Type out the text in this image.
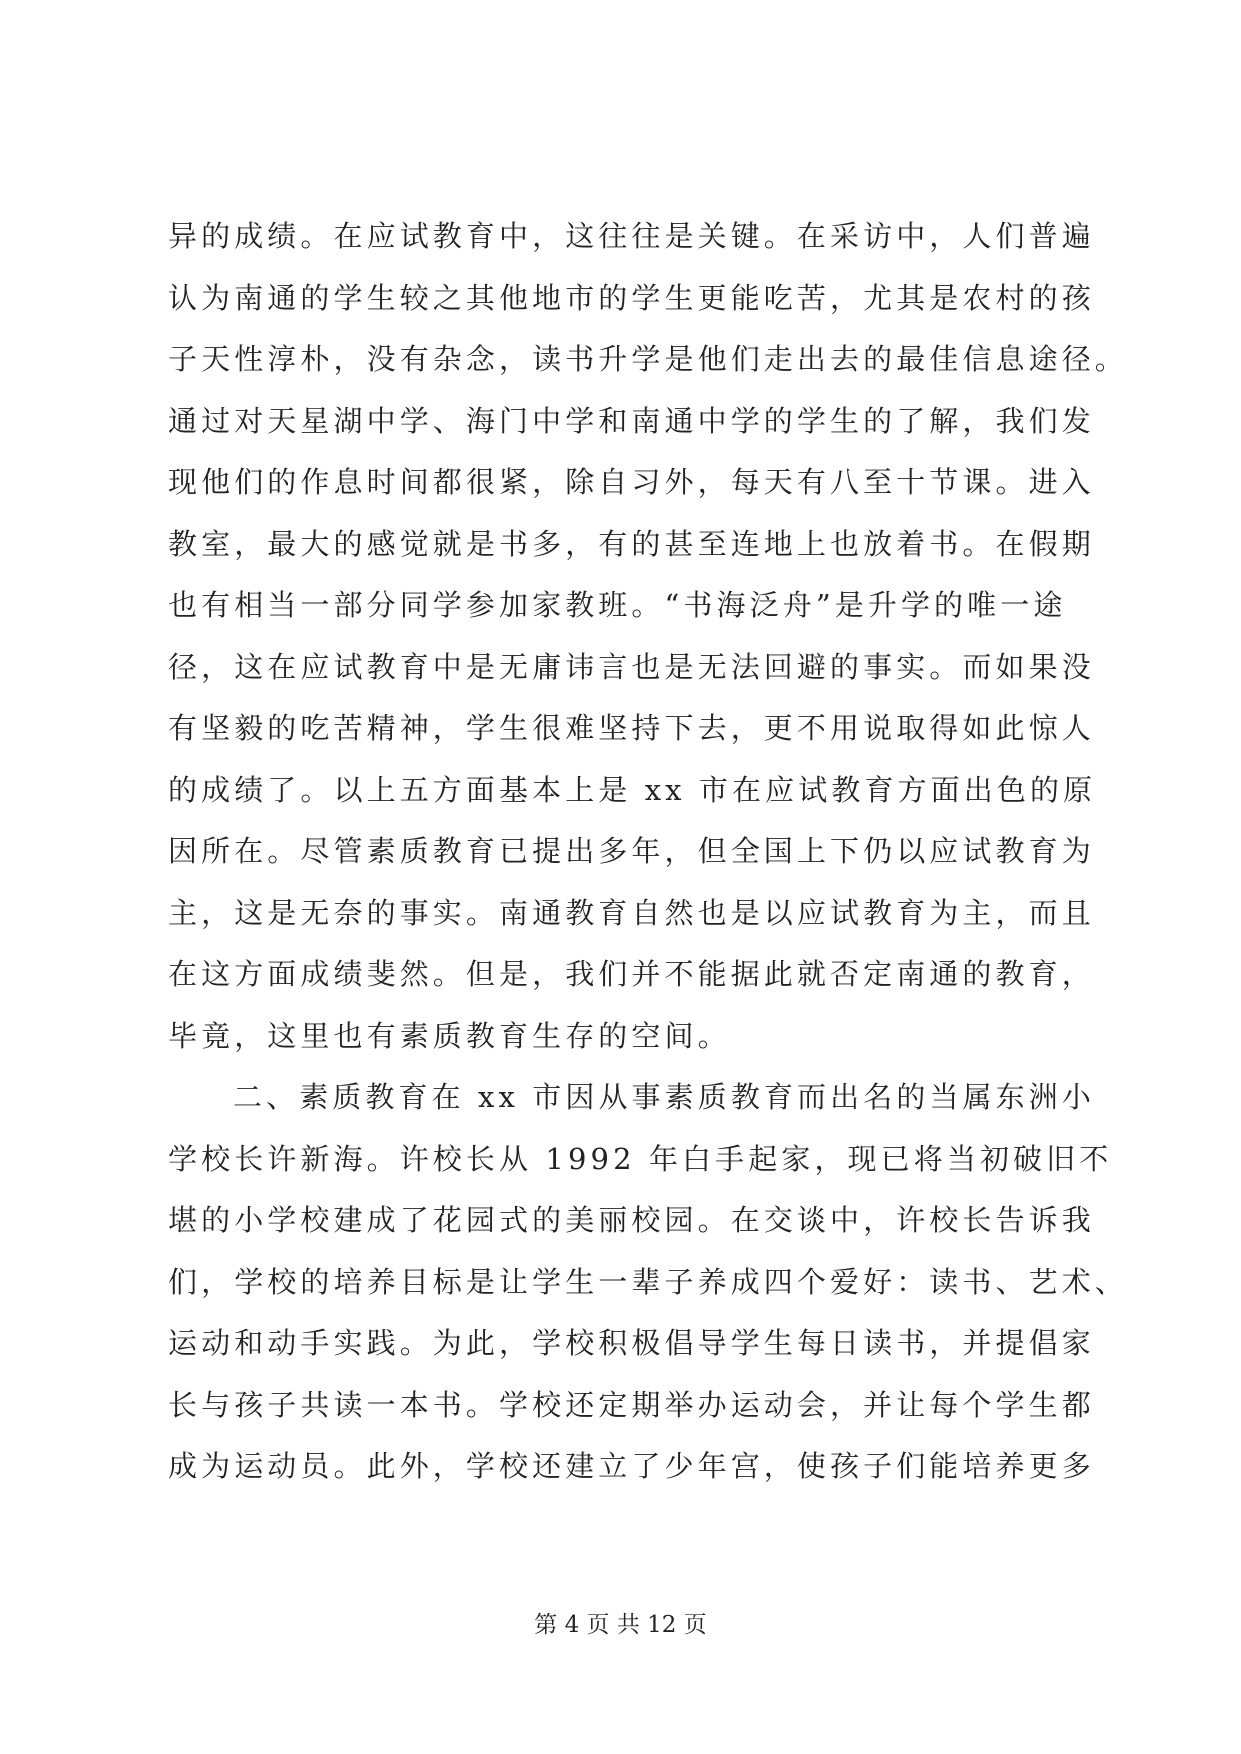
异的成绩。在应试教育中，这往往是关键。在采访中，人们普遍
认为南通的学生较之其他地市的学生更能吃苦，尤其是农村的孩
子天性淳朴，没有杂念，读书升学是他们走出去的最佳信息途径。
通过对天星湖中学、海门中学和南通中学的学生的了解，我们发
现他们的作息时间都很紧，除自习外，每天有八至十节课。进入
教室，最大的感觉就是书多，有的甚至连地上也放着书。在假期
也有相当一部分同学参加家教班。“书海泛舟”是升学的唯一途
径，这在应试教育中是无庸讳言也是无法回避的事实。而如果没
有坚毅的吃苦精神，学生很难坚持下去，更不用说取得如此惊人
的成绩了。以上五方面基本上是 xx 市在应试教育方面出色的原
因所在。尽管素质教育已提出多年，但全国上下仍以应试教育为
主，这是无奈的事实。南通教育自然也是以应试教育为主，而且
在这方面成绩斐然。但是，我们并不能据此就否定南通的教育，
毕竟，这里也有素质教育生存的空间。
二、素质教育在 xx 市因从事素质教育而出名的当属东洲小
学校长许新海。许校长从 1992 年白手起家，现已将当初破旧不
堪的小学校建成了花园式的美丽校园。在交谈中，许校长告诉我
们，学校的培养目标是让学生一辈子养成四个爱好：读书、艺术、
运动和动手实践。为此，学校积极倡导学生每日读书，并提倡家
长与孩子共读一本书。学校还定期举办运动会，并让每个学生都
成为运动员。此外，学校还建立了少年宫，使孩子们能培养更多
第 4 页 共 12 页
